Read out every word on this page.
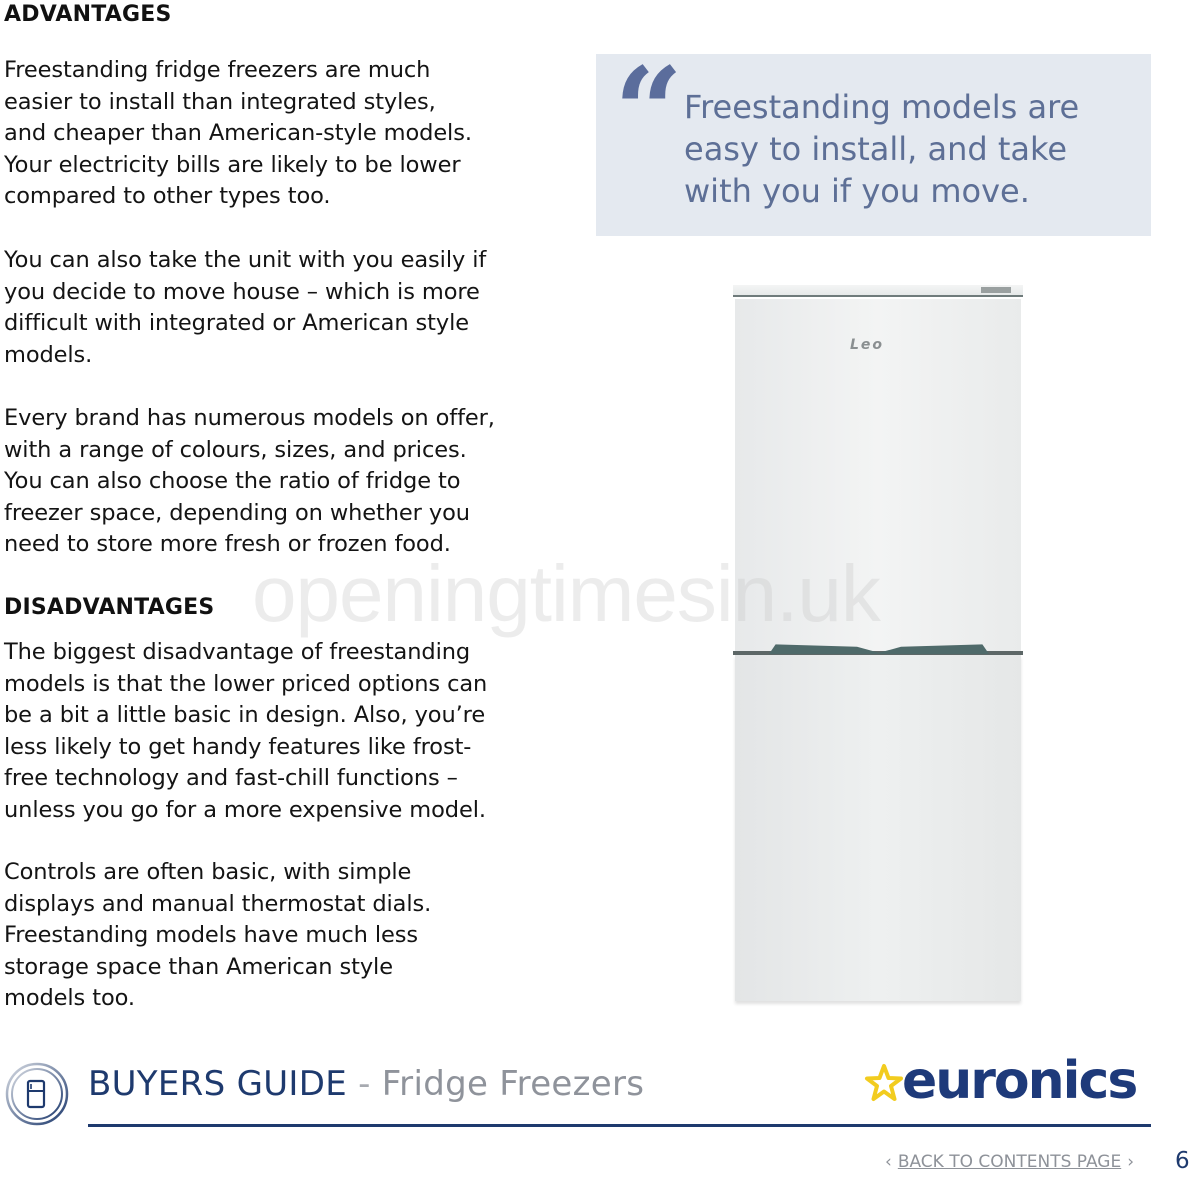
ADVANTAGES

Freestanding fridge freezers are much
easier to install than integrated styles,
and cheaper than American-style models.
Your electricity bills are likely to be lower
compared to other types too.

You can also take the unit with you easily if
you decide to move house – which is more
difficult with integrated or American style
models.

Every brand has numerous models on offer,
with a range of colours, sizes, and prices.
You can also choose the ratio of fridge to
freezer space, depending on whether you
need to store more fresh or frozen food.

DISADVANTAGES

The biggest disadvantage of freestanding
models is that the lower priced options can
be a bit a little basic in design. Also, you’re
less likely to get handy features like frost-
free technology and fast-chill functions –
unless you go for a more expensive model.

Controls are often basic, with simple
displays and manual thermostat dials.
Freestanding models have much less
storage space than American style
models too.

“ Freestanding models are
easy to install, and take
with you if you move.
Leo
openingtimesin.uk
BUYERS GUIDE - Fridge Freezers	euronics
‹ BACK TO CONTENTS PAGE › 6
